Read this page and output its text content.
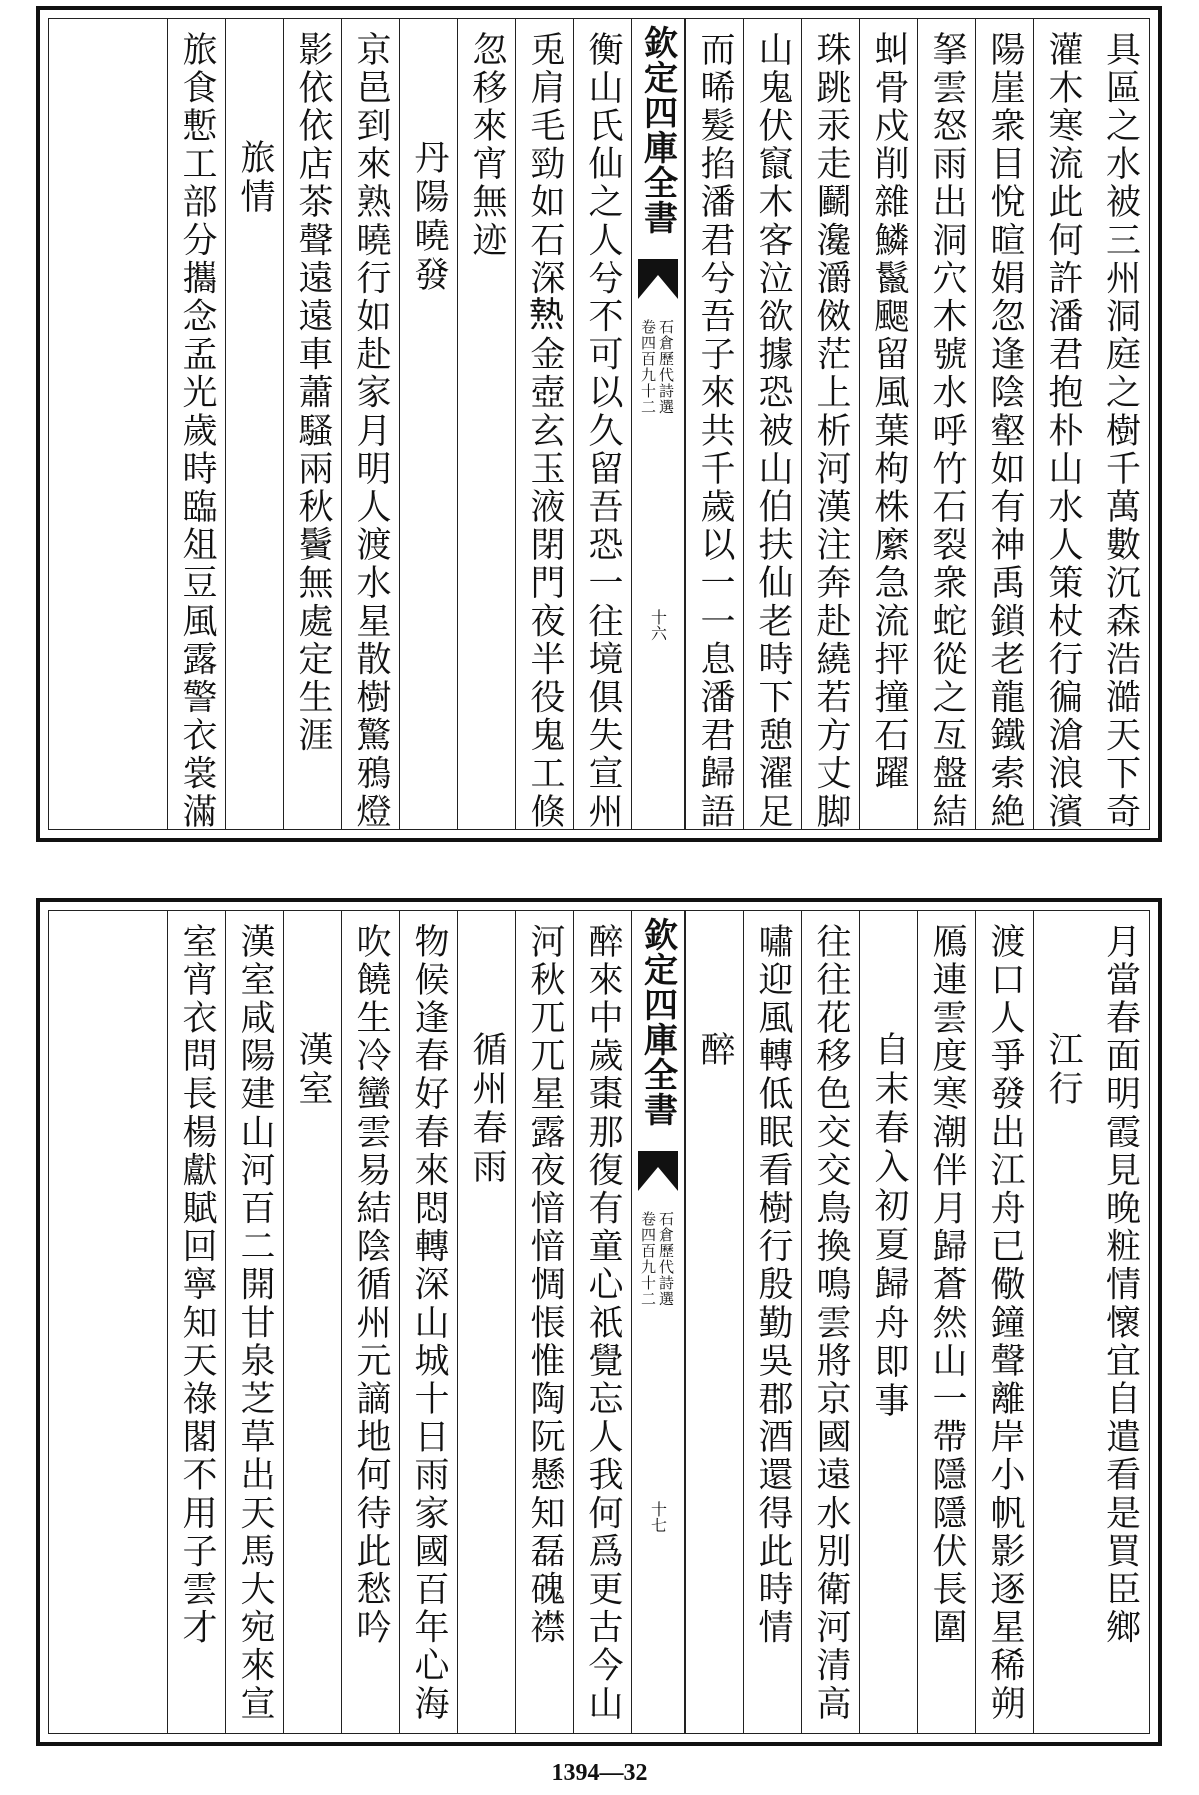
具區之水被三州洞庭之樹千萬數沉森浩澔天下奇
灌木寒流此何許潘君抱朴山水人策杖行徧滄浪濱
陽崖衆目悅暄娟忽逢陰壑如有神禹鎖老龍鐵索絶
拏雲怒雨出洞穴木號水呼竹石裂衆蛇從之亙盤結
虯骨戍削雜鱗鬣颸留風葉枸株縻急流抨撞石躍
珠跳汞走鬬瀺灂傚茫上析河漢注奔赴繞若方丈脚
山鬼伏竄木客泣欲據恐被山伯扶仙老時下憩濯足
而晞髮掐潘君兮吾子來共千歲以一一息潘君歸語
欽定四庫全書
石倉歷代詩選
卷四百九十二
十六
衡山氏仙之人兮不可以久留吾恐一往境俱失宣州
兎肩毛勁如石深𤍠金壺玄玉液閉門夜半役鬼工倏
忽移來宵無迹
丹陽曉發
京邑到來熟曉行如赴家月明人渡水星散樹驚鴉燈
影依依店茶聲遠遠車蕭騷兩秋鬢無處定生涯
旅情
旅食慙工部分攜念孟光歲時臨俎豆風露警衣裳滿
月當春面明霞見晚粧情懷宜自遣看是買臣鄉
江行
渡口人爭發出江舟已儆鐘聲離岸小帆影逐星稀朔
鴈連雲度寒潮伴月歸蒼然山一帶隱隱伏長圍
自末春入初夏歸舟即事
往往花移色交交鳥換鳴雲將京國遠水別衛河清高
嘯迎風轉低眠看樹行殷勤吳郡酒還得此時情
醉
欽定四庫全書
石倉歷代詩選
卷四百九十二
十七
醉來中歲棗那復有童心祇覺忘人我何爲更古今山
河秋兀兀星露夜愔愔惆悵惟陶阮懸知磊磈襟
循州春雨
物候逢春好春來悶轉深山城十日雨家國百年心海
吹饒生冷蠻雲易結陰循州元謫地何待此愁吟
漢室
漢室咸陽建山河百二開甘泉芝草出天馬大宛來宣
室宵衣問長楊獻賦回寧知天祿閣不用子雲才
1394—32
